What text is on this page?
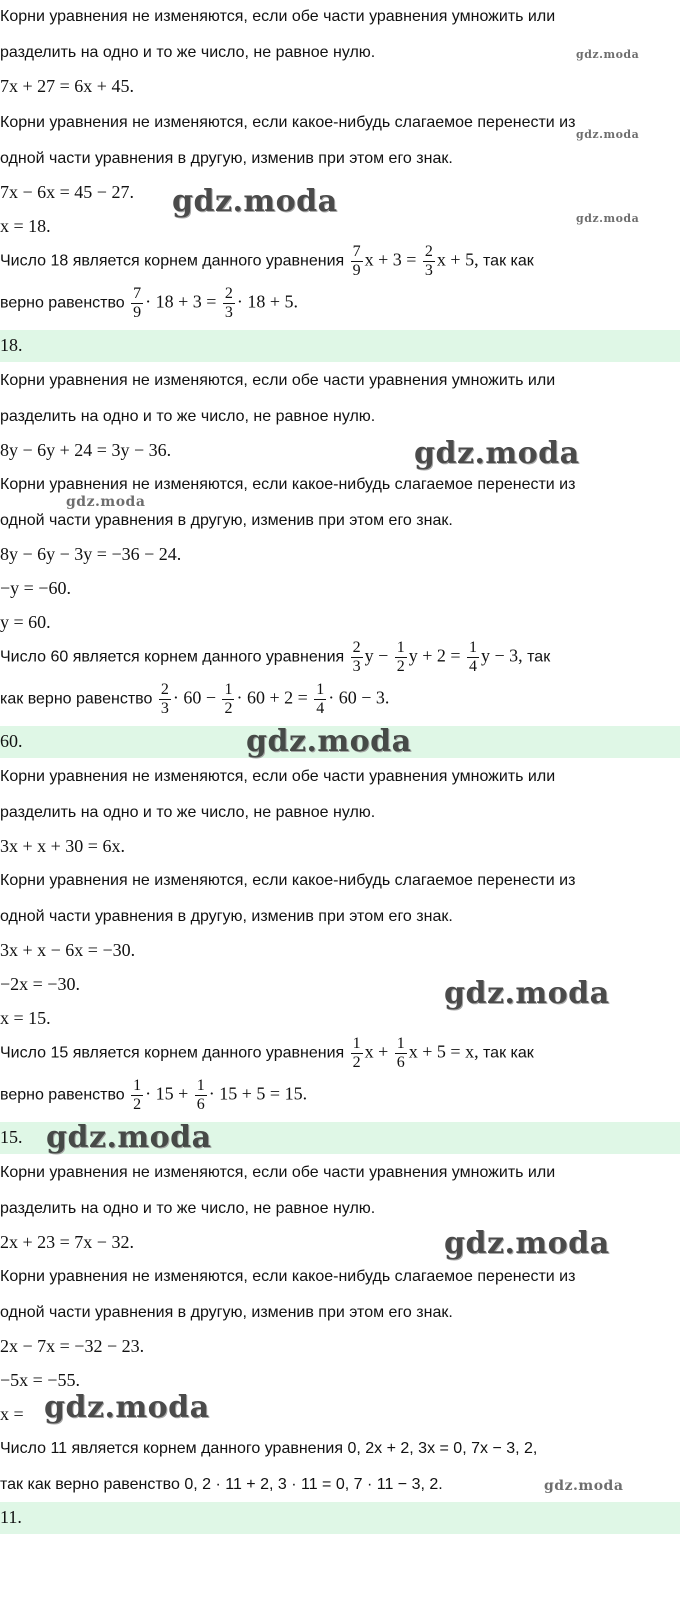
Корни уравнения не изменяются, если обе части уравнения умножить или
разделить на одно и то же число, не равное нулю.
7x + 27 = 6x + 45.
Корни уравнения не изменяются, если какое-нибудь слагаемое перенести из
одной части уравнения в другую, изменив при этом его знак.
7x − 6x = 45 − 27.
x = 18.
Число 18 является корнем данного уравнения $\frac{7}{9}$ $x + 3 = \frac{2}{3}$ x + 5, так как
верно равенство $\frac{7}{9} \cdot 18 + 3 = \frac{2}{3} \cdot 18 + 5$.
18.
Корни уравнения не изменяются, если обе части уравнения умножить или
разделить на одно и то же число, не равное нулю.
8y − 6y + 24 = 3y − 36.
Корни уравнения не изменяются, если какое-нибудь слагаемое перенести из
одной части уравнения в другую, изменив при этом его знак.
8y − 6y − 3y = −36 − 24.
−y = −60.
y = 60.
Число 60 является корнем данного уравнения $\frac{2}{3}$ $y - \frac{1}{2}$ $y + 2 = \frac{1}{4}$ y − 3, так
как верно равенство $\frac{2}{3} \cdot 60 - \frac{1}{2} \cdot 60 + 2 = \frac{1}{4} \cdot 60 - 3$.
60.
Корни уравнения не изменяются, если обе части уравнения умножить или
разделить на одно и то же число, не равное нулю.
3x + x + 30 = 6x.
Корни уравнения не изменяются, если какое-нибудь слагаемое перенести из
одной части уравнения в другую, изменив при этом его знак.
3x + x − 6x = −30.
−2x = −30.
x = 15.
Число 15 является корнем данного уравнения $\frac{1}{2}$ $x + \frac{1}{6}$ x + 5 = x, так как
верно равенство $\frac{1}{2} \cdot 15 + \frac{1}{6} \cdot 15 + 5 = 15$.
15.
Корни уравнения не изменяются, если обе части уравнения умножить или
разделить на одно и то же число, не равное нулю.
2x + 23 = 7x − 32.
Корни уравнения не изменяются, если какое-нибудь слагаемое перенести из
одной части уравнения в другую, изменив при этом его знак.
2x − 7x = −32 − 23.
−5x = −55.
x =
Число 11 является корнем данного уравнения 0, 2x + 2, 3x = 0, 7x − 3, 2,
так как верно равенство 0, 2 · 11 + 2, 3 · 11 = 0, 7 · 11 − 3, 2.
11.
gdz.moda
gdz.moda
gdz.moda	gdz.moda
gdz.moda
gdz.moda
gdz.moda
gdz.moda
gdz.moda
gdz.moda
gdz.moda
gdz.moda
